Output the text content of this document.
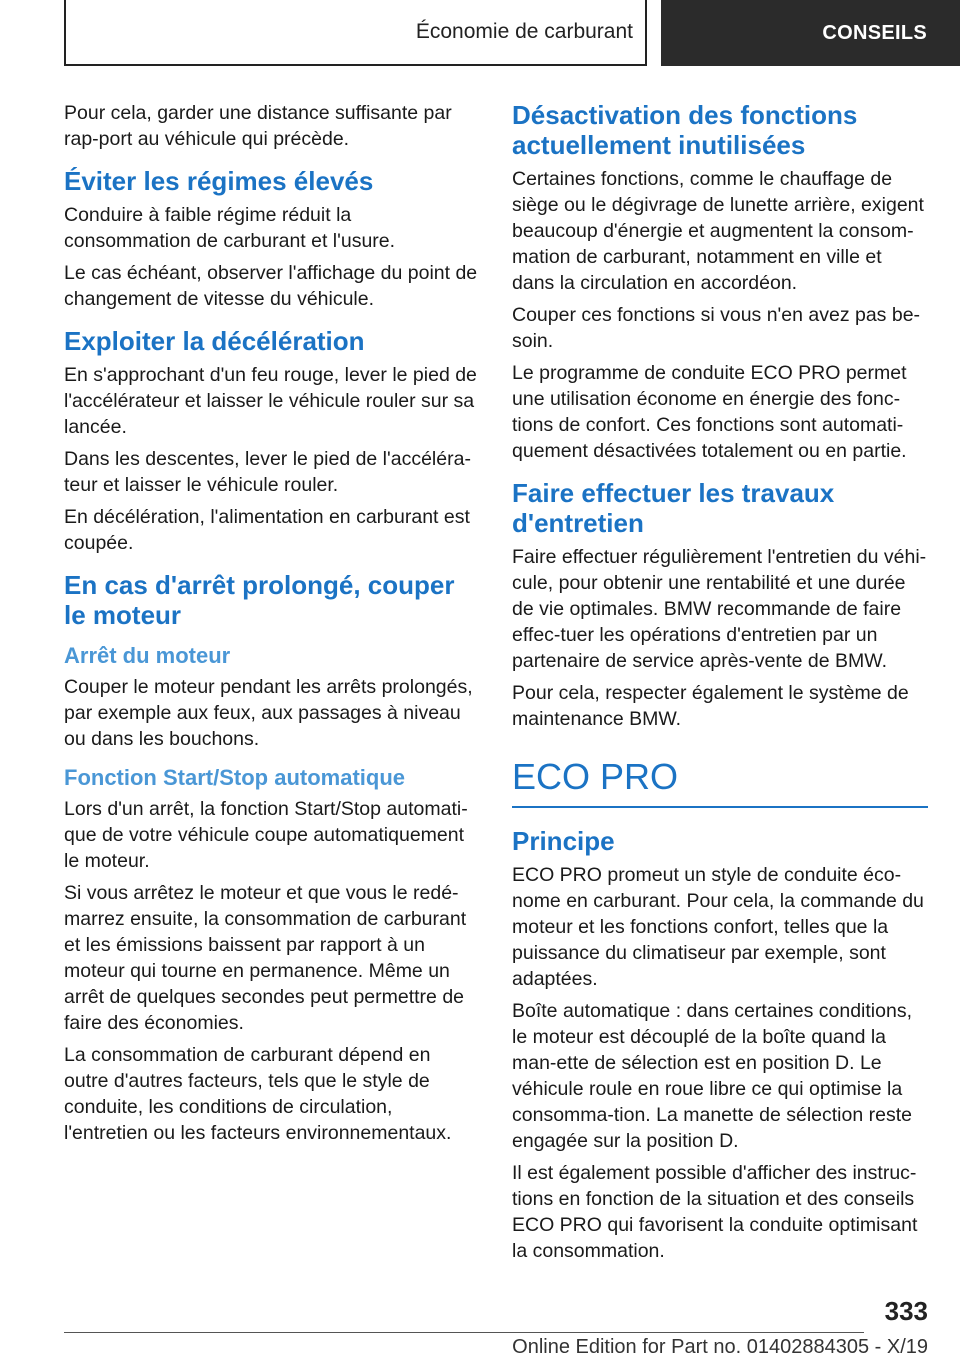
Économie de carburant	CONSEILS

Pour cela, garder une distance suffisante par rap‐port au véhicule qui précède.

Éviter les régimes élevés

Conduire à faible régime réduit la consommation de carburant et l'usure.

Le cas échéant, observer l'affichage du point de changement de vitesse du véhicule.

Exploiter la décélération

En s'approchant d'un feu rouge, lever le pied de l'accélérateur et laisser le véhicule rouler sur sa lancée.

Dans les descentes, lever le pied de l'accéléra‐teur et laisser le véhicule rouler.

En décélération, l'alimentation en carburant est coupée.

En cas d'arrêt prolongé, couper le moteur
Arrêt du moteur

Couper le moteur pendant les arrêts prolongés, par exemple aux feux, aux passages à niveau ou dans les bouchons.

Fonction Start/Stop automatique

Lors d'un arrêt, la fonction Start/Stop automati‐que de votre véhicule coupe automatiquement le moteur.

Si vous arrêtez le moteur et que vous le redé‐marrez ensuite, la consommation de carburant et les émissions baissent par rapport à un moteur qui tourne en permanence. Même un arrêt de quelques secondes peut permettre de faire des économies.

La consommation de carburant dépend en outre d'autres facteurs, tels que le style de conduite, les conditions de circulation, l'entretien ou les facteurs environnementaux.

Désactivation des fonctions actuellement inutilisées

Certaines fonctions, comme le chauffage de siège ou le dégivrage de lunette arrière, exigent beaucoup d'énergie et augmentent la consom‐mation de carburant, notamment en ville et dans la circulation en accordéon.

Couper ces fonctions si vous n'en avez pas be‐soin.

Le programme de conduite ECO PRO permet une utilisation économe en énergie des fonc‐tions de confort. Ces fonctions sont automati‐quement désactivées totalement ou en partie.

Faire effectuer les travaux d'entretien

Faire effectuer régulièrement l'entretien du véhi‐cule, pour obtenir une rentabilité et une durée de vie optimales. BMW recommande de faire effec‐tuer les opérations d'entretien par un partenaire de service après-vente de BMW.

Pour cela, respecter également le système de maintenance BMW.

ECO PRO
Principe

ECO PRO promeut un style de conduite éco‐nome en carburant. Pour cela, la commande du moteur et les fonctions confort, telles que la puissance du climatiseur par exemple, sont adaptées.

Boîte automatique : dans certaines conditions, le moteur est découplé de la boîte quand la man‐ette de sélection est en position D. Le véhicule roule en roue libre ce qui optimise la consomma‐tion. La manette de sélection reste engagée sur la position D.

Il est également possible d'afficher des instruc‐tions en fonction de la situation et des conseils ECO PRO qui favorisent la conduite optimisant la consommation.

333
Online Edition for Part no. 01402884305 - X/19
